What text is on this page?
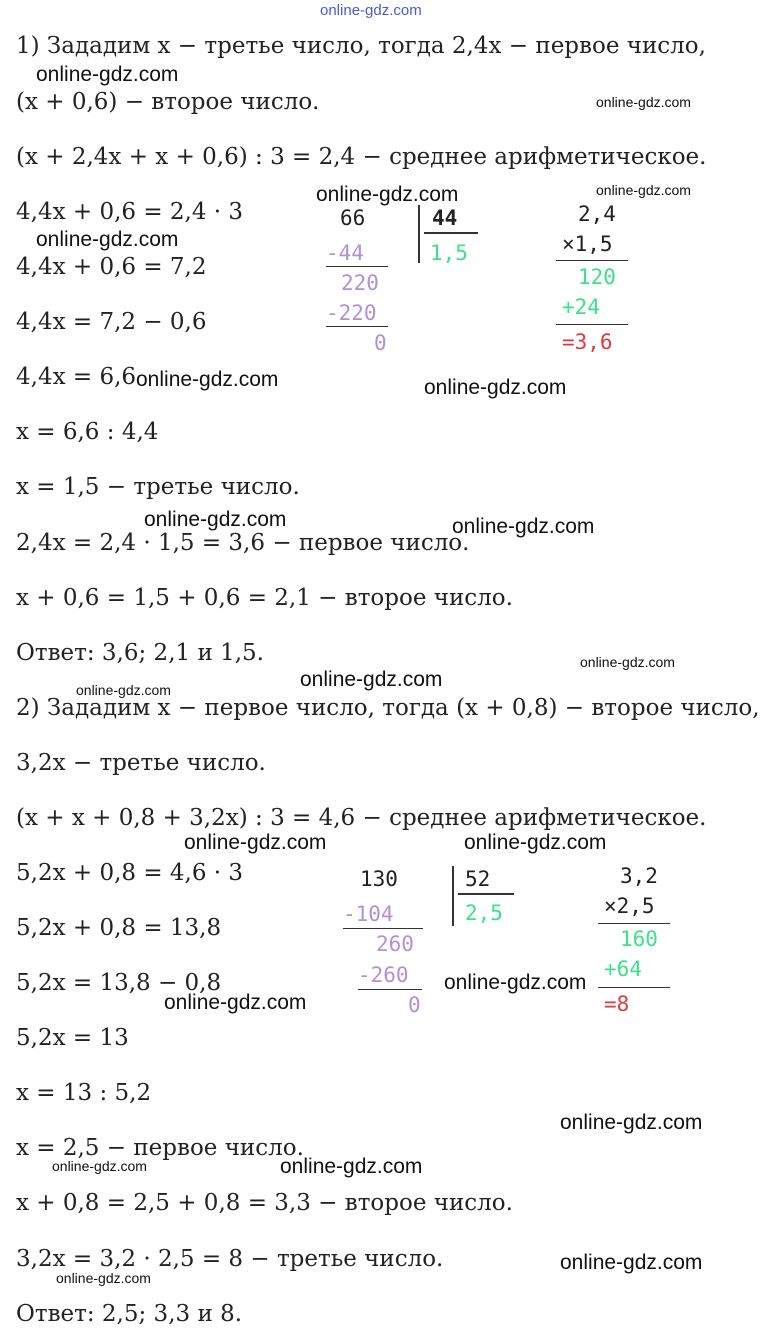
online-gdz.com

1) Зададим x − третье число, тогда 2,4x − первое число,

(x + 0,6) − второе число.

(x + 2,4x + x + 0,6) : 3 = 2,4 − среднее арифметическое.

4,4x + 0,6 = 2,4 · 3

4,4x + 0,6 = 7,2

4,4x = 7,2 − 0,6

4,4x = 6,6

x = 6,6 : 4,4

x = 1,5 − третье число.

2,4x = 2,4 · 1,5 = 3,6 − первое число.

x + 0,6 = 1,5 + 0,6 = 2,1 − второе число.

Ответ: 3,6; 2,1 и 1,5.

66	44
1,5
-44
220
-220
0
2,4
×1,5
120
+24
=3,6

2) Зададим x − первое число, тогда (x + 0,8) − второе число,

3,2x − третье число.

(x + x + 0,8 + 3,2x) : 3 = 4,6 − среднее арифметическое.

5,2x + 0,8 = 4,6 · 3

5,2x + 0,8 = 13,8

5,2x = 13,8 − 0,8

5,2x = 13

x = 13 : 5,2

x = 2,5 − первое число.

x + 0,8 = 2,5 + 0,8 = 3,3 − второе число.

3,2x = 3,2 · 2,5 = 8 − третье число.

Ответ: 2,5; 3,3 и 8.

130	52
2,5
-104
260
-260
0
3,2
×2,5
160
+64
=8
online-gdz.com
online-gdz.com
online-gdz.com	online-gdz.com
online-gdz.com
online-gdz.com	online-gdz.com
online-gdz.com	online-gdz.com
online-gdz.com
online-gdz.com
online-gdz.com
online-gdz.com	online-gdz.com
online-gdz.com
online-gdz.com
online-gdz.com
online-gdz.com
online-gdz.com
online-gdz.com
online-gdz.com
